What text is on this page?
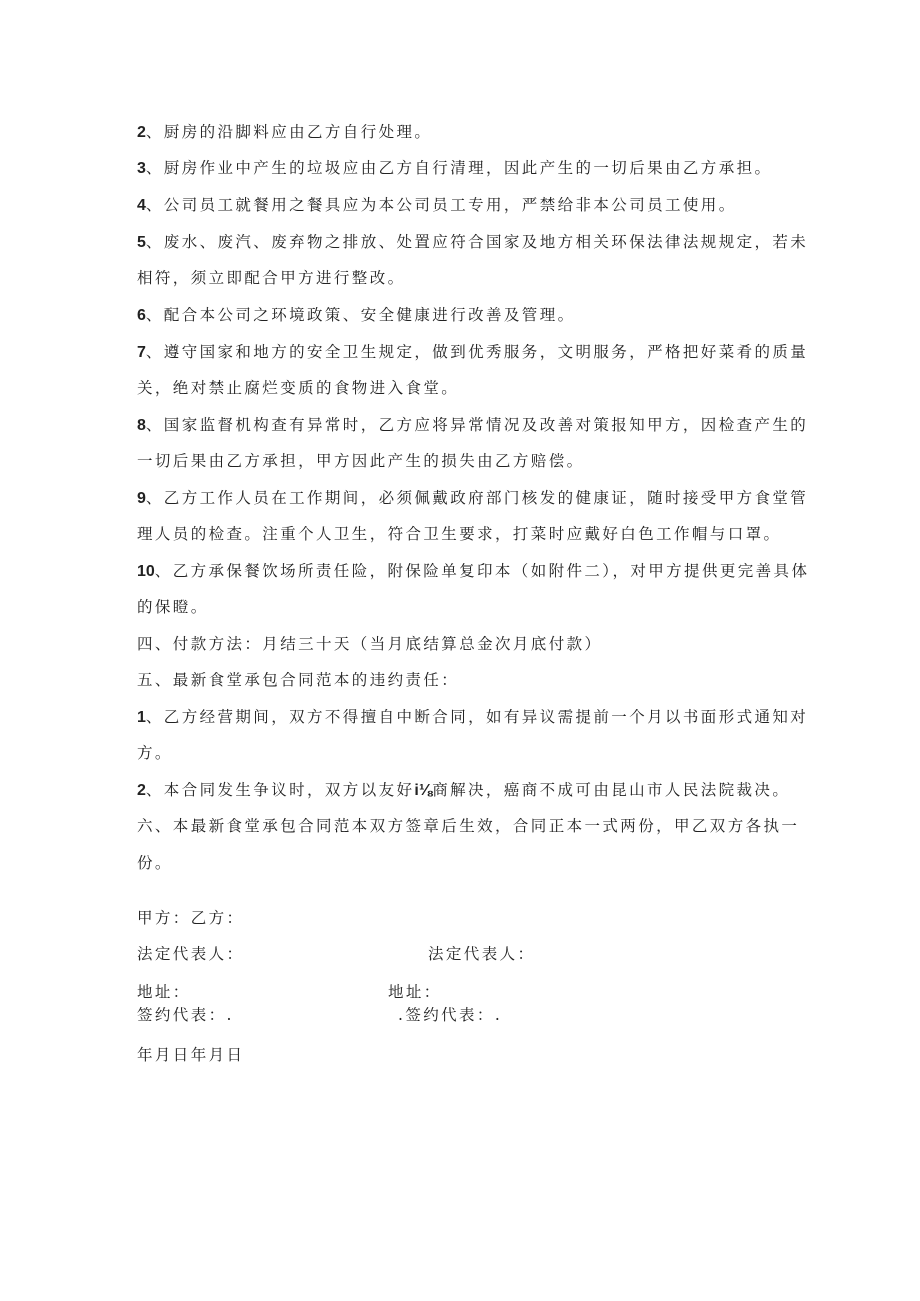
2、厨房的沿脚料应由乙方自行处理。
3、厨房作业中产生的垃圾应由乙方自行清理，因此产生的一切后果由乙方承担。
4、公司员工就餐用之餐具应为本公司员工专用，严禁给非本公司员工使用。
5、废水、废汽、废弃物之排放、处置应符合国家及地方相关环保法律法规规定，若未
相符，须立即配合甲方进行整改。
6、配合本公司之环境政策、安全健康进行改善及管理。
7、遵守国家和地方的安全卫生规定，做到优秀服务，文明服务，严格把好菜肴的质量
关，绝对禁止腐烂变质的食物进入食堂。
8、国家监督机构查有异常时，乙方应将异常情况及改善对策报知甲方，因检查产生的
一切后果由乙方承担，甲方因此产生的损失由乙方赔偿。
9、乙方工作人员在工作期间，必须佩戴政府部门核发的健康证，随时接受甲方食堂管
理人员的检查。注重个人卫生，符合卫生要求，打菜时应戴好白色工作帽与口罩。
10、乙方承保餐饮场所责任险，附保险单复印本（如附件二），对甲方提供更完善具体
的保瞪。
四、付款方法：月结三十天（当月底结算总金次月底付款）
五、最新食堂承包合同范本的违约责任：
1、乙方经营期间，双方不得擅自中断合同，如有异议需提前一个月以书面形式通知对
方。
2、本合同发生争议时，双方以友好i⅛商解决，癌商不成可由昆山市人民法院裁决。
六、本最新食堂承包合同范本双方签章后生效，合同正本一式两份，甲乙双方各执一
份。
甲方：乙方：
法定代表人：	法定代表人：
地址：	地址：
签约代表：.	.签约代表：.
年月日年月日
